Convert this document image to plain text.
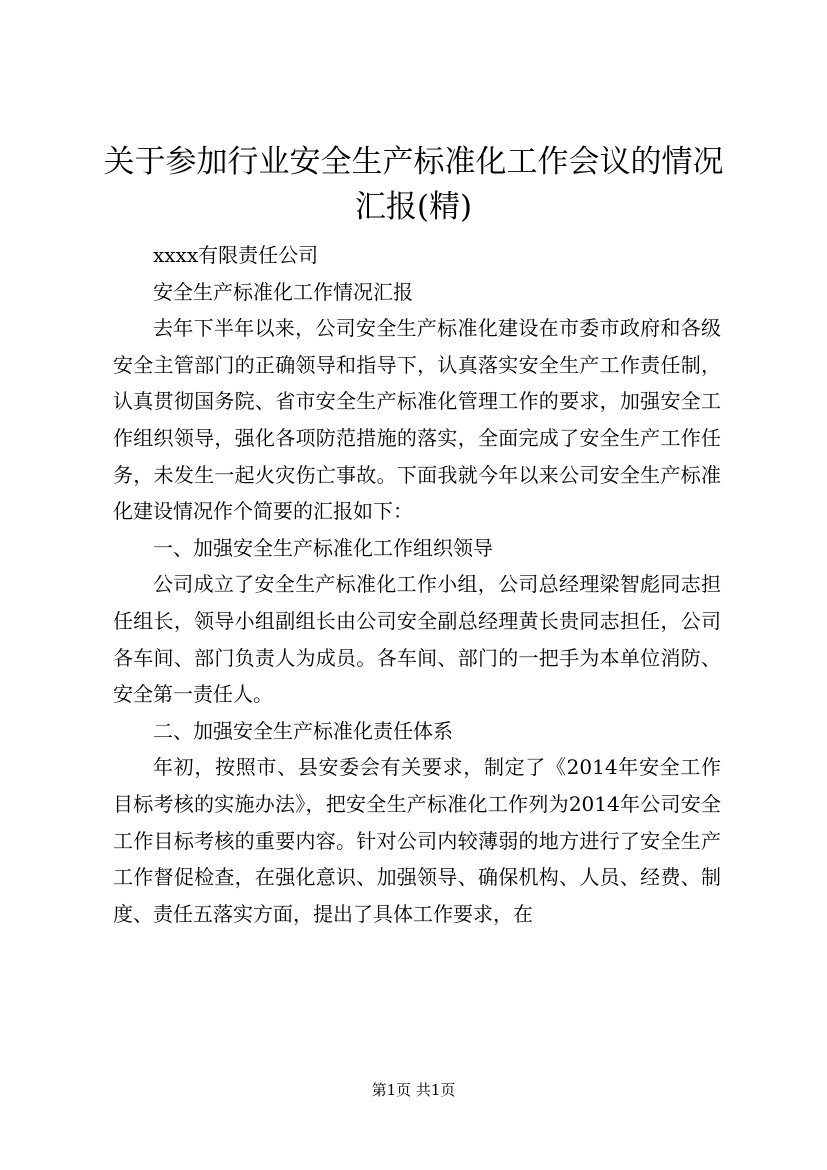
关于参加行业安全生产标准化工作会议的情况汇报(精)

xxxx有限责任公司

安全生产标准化工作情况汇报

去年下半年以来，公司安全生产标准化建设在市委市政府和各级安全主管部门的正确领导和指导下，认真落实安全生产工作责任制，认真贯彻国务院、省市安全生产标准化管理工作的要求，加强安全工作组织领导，强化各项防范措施的落实，全面完成了安全生产工作任务，未发生一起火灾伤亡事故。下面我就今年以来公司安全生产标准化建设情况作个简要的汇报如下：

一、加强安全生产标准化工作组织领导

公司成立了安全生产标准化工作小组，公司总经理梁智彪同志担任组长，领导小组副组长由公司安全副总经理黄长贵同志担任，公司各车间、部门负责人为成员。各车间、部门的一把手为本单位消防、安全第一责任人。

二、加强安全生产标准化责任体系

年初，按照市、县安委会有关要求，制定了《2014年安全工作目标考核的实施办法》，把安全生产标准化工作列为2014年公司安全工作目标考核的重要内容。针对公司内较薄弱的地方进行了安全生产工作督促检查，在强化意识、加强领导、确保机构、人员、经费、制度、责任五落实方面，提出了具体工作要求，在

第1页 共1页
